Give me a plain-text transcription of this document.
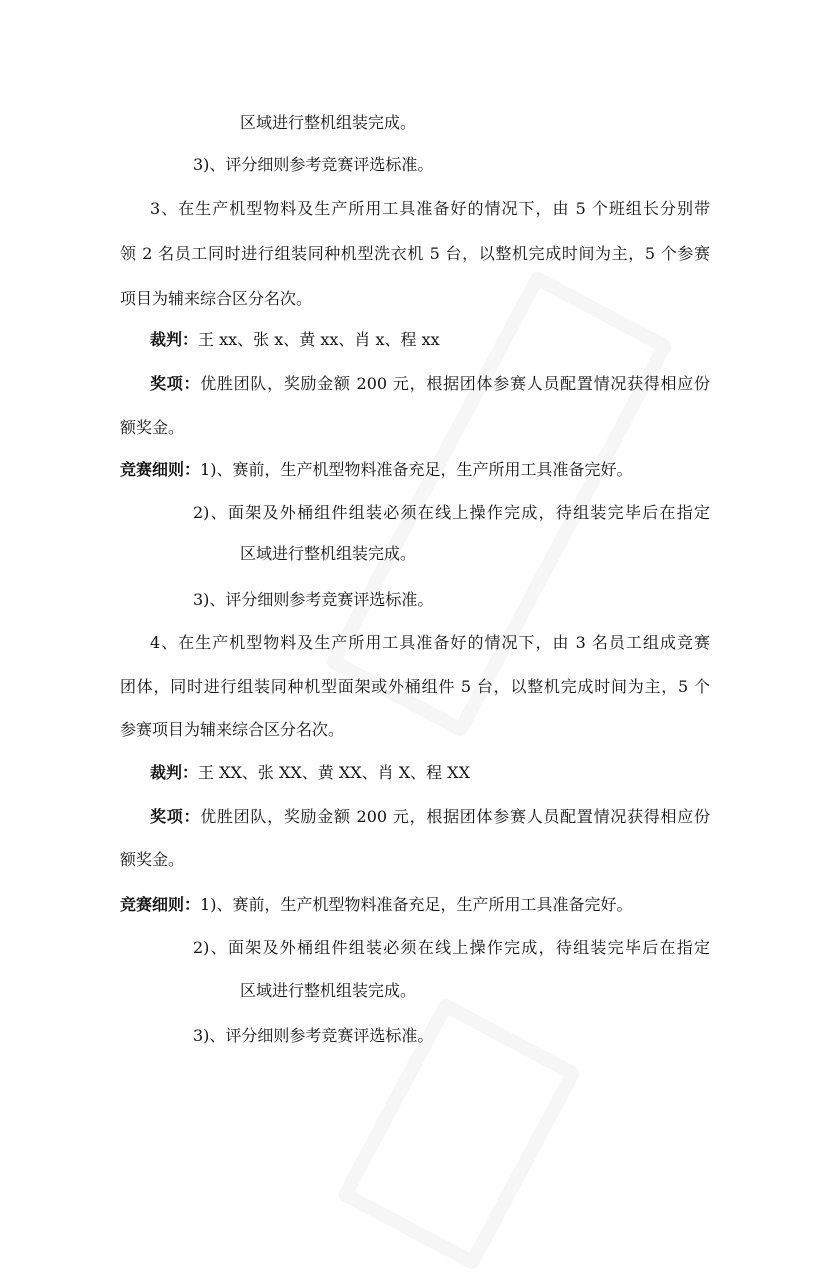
区域进行整机组装完成。
3)、评分细则参考竞赛评选标准。
3、在生产机型物料及生产所用工具准备好的情况下，由 5 个班组长分别带
领 2 名员工同时进行组装同种机型洗衣机 5 台，以整机完成时间为主，5 个参赛
项目为辅来综合区分名次。
裁判：王 xx、张 x、黄 xx、肖 x、程 xx
奖项：优胜团队，奖励金额 200 元，根据团体参赛人员配置情况获得相应份
额奖金。
竞赛细则：1)、赛前，生产机型物料准备充足，生产所用工具准备完好。
2)、面架及外桶组件组装必须在线上操作完成，待组装完毕后在指定
区域进行整机组装完成。
3)、评分细则参考竞赛评选标准。
4、在生产机型物料及生产所用工具准备好的情况下，由 3 名员工组成竞赛
团体，同时进行组装同种机型面架或外桶组件 5 台，以整机完成时间为主，5 个
参赛项目为辅来综合区分名次。
裁判：王 XX、张 XX、黄 XX、肖 X、程 XX
奖项：优胜团队，奖励金额 200 元，根据团体参赛人员配置情况获得相应份
额奖金。
竞赛细则：1)、赛前，生产机型物料准备充足，生产所用工具准备完好。
2)、面架及外桶组件组装必须在线上操作完成，待组装完毕后在指定
区域进行整机组装完成。
3)、评分细则参考竞赛评选标准。
